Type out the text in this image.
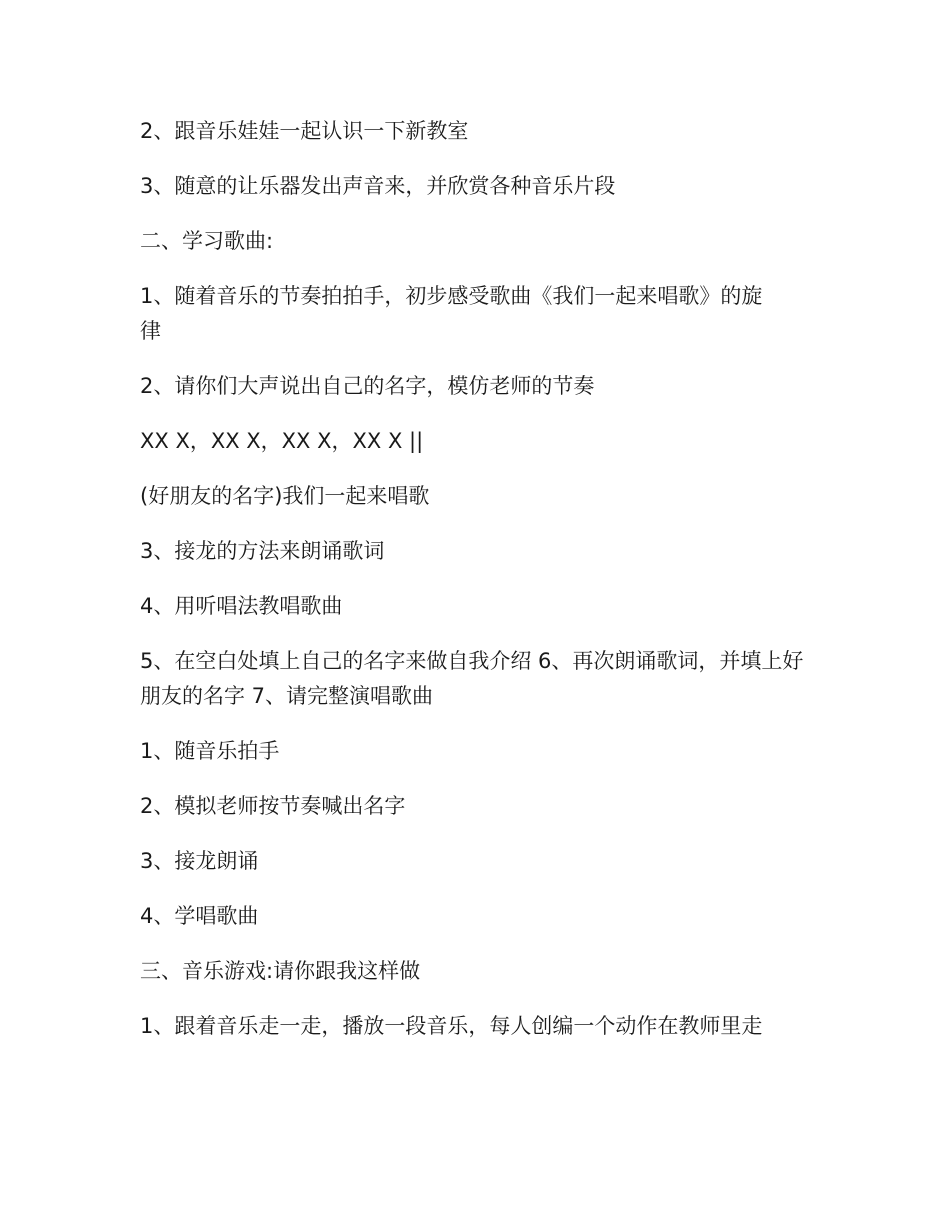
2、跟音乐娃娃一起认识一下新教室

3、随意的让乐器发出声音来，并欣赏各种音乐片段

二、学习歌曲:

1、随着音乐的节奏拍拍手，初步感受歌曲《我们一起来唱歌》的旋律

2、请你们大声说出自己的名字，模仿老师的节奏

XX X，XX X，XX X，XX X ||

(好朋友的名字)我们一起来唱歌

3、接龙的方法来朗诵歌词

4、用听唱法教唱歌曲

5、在空白处填上自己的名字来做自我介绍 6、再次朗诵歌词，并填上好朋友的名字 7、请完整演唱歌曲

1、随音乐拍手

2、模拟老师按节奏喊出名字

3、接龙朗诵

4、学唱歌曲

三、音乐游戏:请你跟我这样做

1、跟着音乐走一走，播放一段音乐，每人创编一个动作在教师里走
